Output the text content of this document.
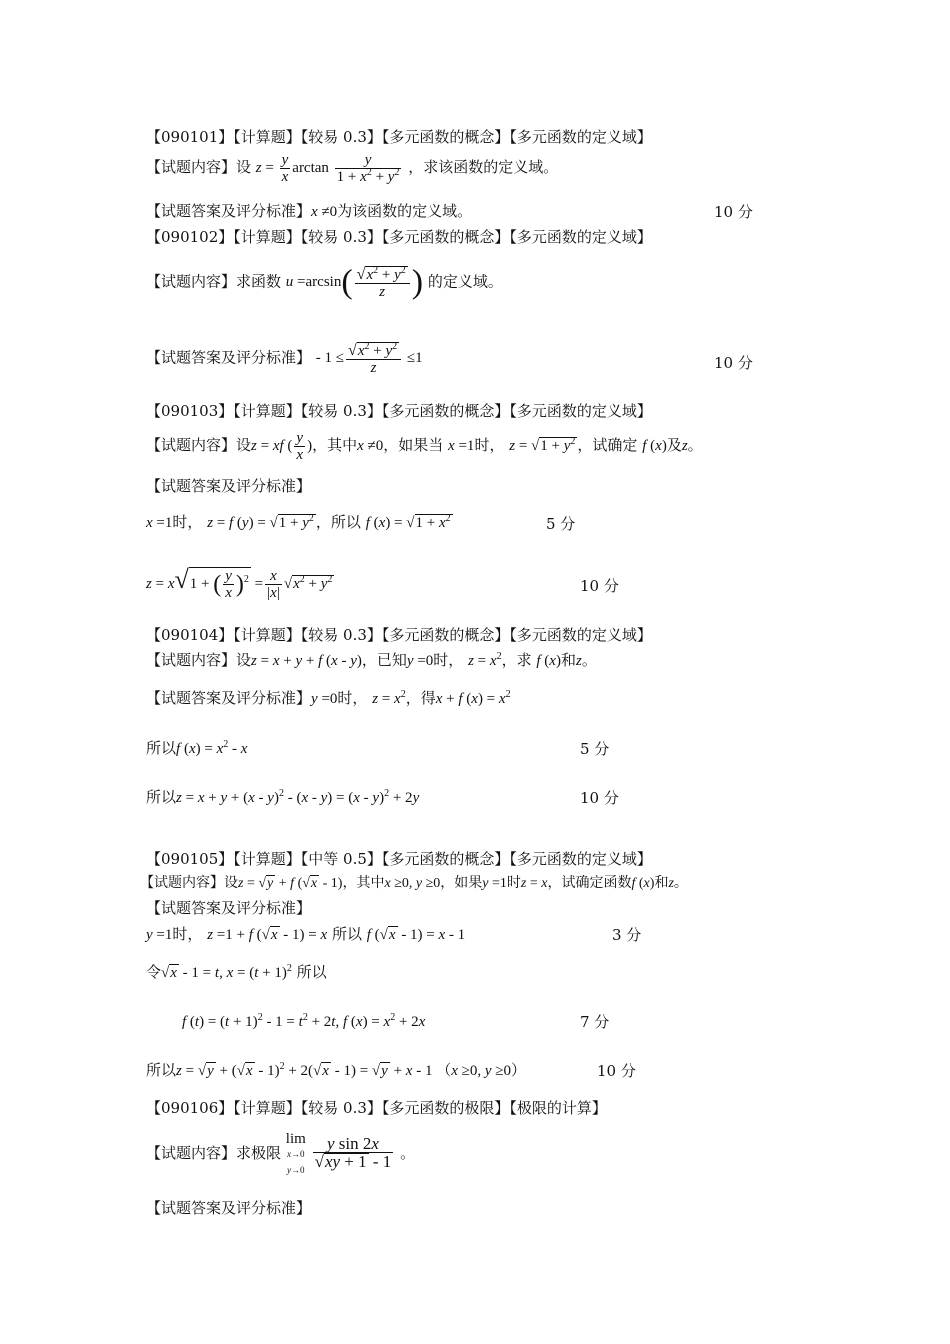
【090101】【计算题】【较易 0.3】【多元函数的概念】【多元函数的定义域】
【试题内容】设 $z = \frac{y}{x}$ $\arctan \frac{y}{1 + x^2 + y^2}$ ，求该函数的定义域。
【试题答案及评分标准】x ≠0为该函数的定义域。	10 分
【090102】【计算题】【较易 0.3】【多元函数的概念】【多元函数的定义域】
【试题内容】求函数 $u =\arcsin( \frac{√x^2 + y^2}{z}$ ) 的定义域。
【试题答案及评分标准】 - $1 \le \frac{√x^2 + y^2}{z} \le 1$	10 分
【090103】【计算题】【较易 0.3】【多元函数的概念】【多元函数的定义域】
【试题内容】设z = xf ( $\frac{y}{x}$ )，其中x ≠0，如果当 x =1时， $z = √1 + y^2$ ，试确定 f (x)及z。
【试题答案及评分标准】
x =1时， z = f $(y) = √1 + y^2$ ，所以 f $(x) = √1 + x^2$	5 分
z = x√1 + ( $\frac{y}{x} )^2 = \frac{x}{|x|} √x^2 + y^2$	10 分
【090104】【计算题】【较易 0.3】【多元函数的概念】【多元函数的定义域】
【试题内容】设z = x + y + f (x - y)，已知y =0时， $z = x^2$，求 f (x)和z。
【试题答案及评分标准】y =0时， $z = x^2$，得x + f $(x) = x^2$
所以f $(x) = x^2 - x$	5 分
所以z = x + y + (x - y)$^2$ - (x - y) = (x - y)$^2$ + 2y	10 分
【090105】【计算题】【中等 0.5】【多元函数的概念】【多元函数的定义域】
【试题内容】设z = √y + f (√x - 1)，其中x ≥0, y ≥0，如果y =1时z = x，试确定函数f (x)和z。
【试题答案及评分标准】
y =1时， z =1 + f (√x - 1) = x 所以 f (√x - 1) = x - 1	3 分
令√x - 1 = t, $x = (t + 1)^2$ 所以
f $(t) = (t + 1)^2 - 1 = t^2 + 2t$, f $(x) = x^2 + 2x$	7 分
所以z = √y + (√x - 1)$^2$ + 2(√x - 1) = √y + x - 1 （x ≥0, y ≥0）	10 分
【090106】【计算题】【较易 0.3】【多元函数的极限】【极限的计算】
【试题内容】求极限
lim
x→0
y→0
$\frac{\text{y sin 2x}}{√xy + 1 - 1}$ 。
【试题答案及评分标准】
